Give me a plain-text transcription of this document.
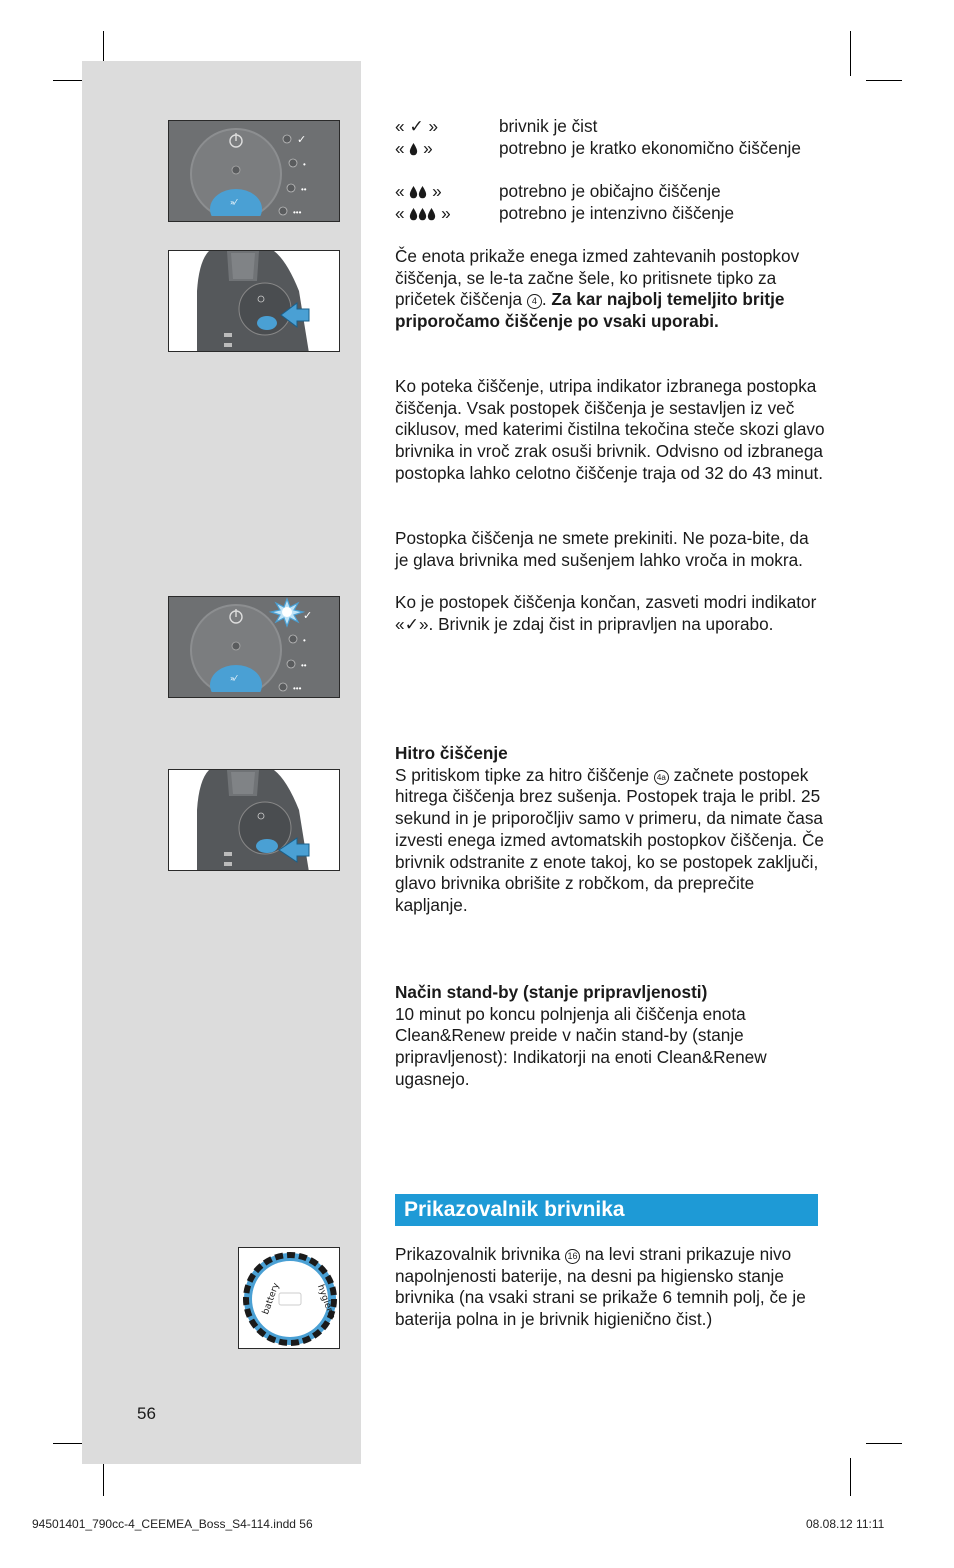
»⁄
✓
•
••
•••
»⁄
✓
•
••
•••
battery	hygiene
« ✓ »	brivnik je čist
« »	potrebno je kratko ekonomično čiščenje
« »	potrebno je običajno čiščenje
« »	potrebno je intenzivno čiščenje
Če enota prikaže enega izmed zahtevanih postopkov čiščenja, se le-ta začne šele, ko pritisnete tipko za pričetek čiščenja 4 . Za kar najbolj temeljito britje priporočamo čiščenje po vsaki uporabi.
Ko poteka čiščenje, utripa indikator izbranega postopka čiščenja. Vsak postopek čiščenja je sestavljen iz več ciklusov, med katerimi čistilna tekočina steče skozi glavo brivnika in vroč zrak osuši brivnik. Odvisno od izbranega postopka lahko celotno čiščenje traja od 32 do 43 minut.
Postopka čiščenja ne smete prekiniti. Ne poza-bite, da je glava brivnika med sušenjem lahko vroča in mokra.
Ko je postopek čiščenja končan, zasveti modri indikator «✓». Brivnik je zdaj čist in pripravljen na uporabo.
Hitro čiščenje
S pritiskom tipke za hitro čiščenje 4a začnete postopek hitrega čiščenja brez sušenja. Postopek traja le pribl. 25 sekund in je priporočljiv samo v primeru, da nimate časa izvesti enega izmed avtomatskih postopkov čiščenja. Če brivnik odstranite z enote takoj, ko se postopek zaključi, glavo brivnika obrišite z robčkom, da preprečite kapljanje.
Način stand-by (stanje pripravljenosti)
10 minut po koncu polnjenja ali čiščenja enota Clean&Renew preide v način stand-by (stanje pripravljenost): Indikatorji na enoti Clean&Renew ugasnejo.
Prikazovalnik brivnika
Prikazovalnik brivnika 16 na levi strani prikazuje nivo napolnjenosti baterije, na desni pa higiensko stanje brivnika (na vsaki strani se prikaže 6 temnih polj, če je baterija polna in je brivnik higienično čist.)
56
94501401_790cc-4_CEEMEA_Boss_S4-114.indd 56	08.08.12 11:11
